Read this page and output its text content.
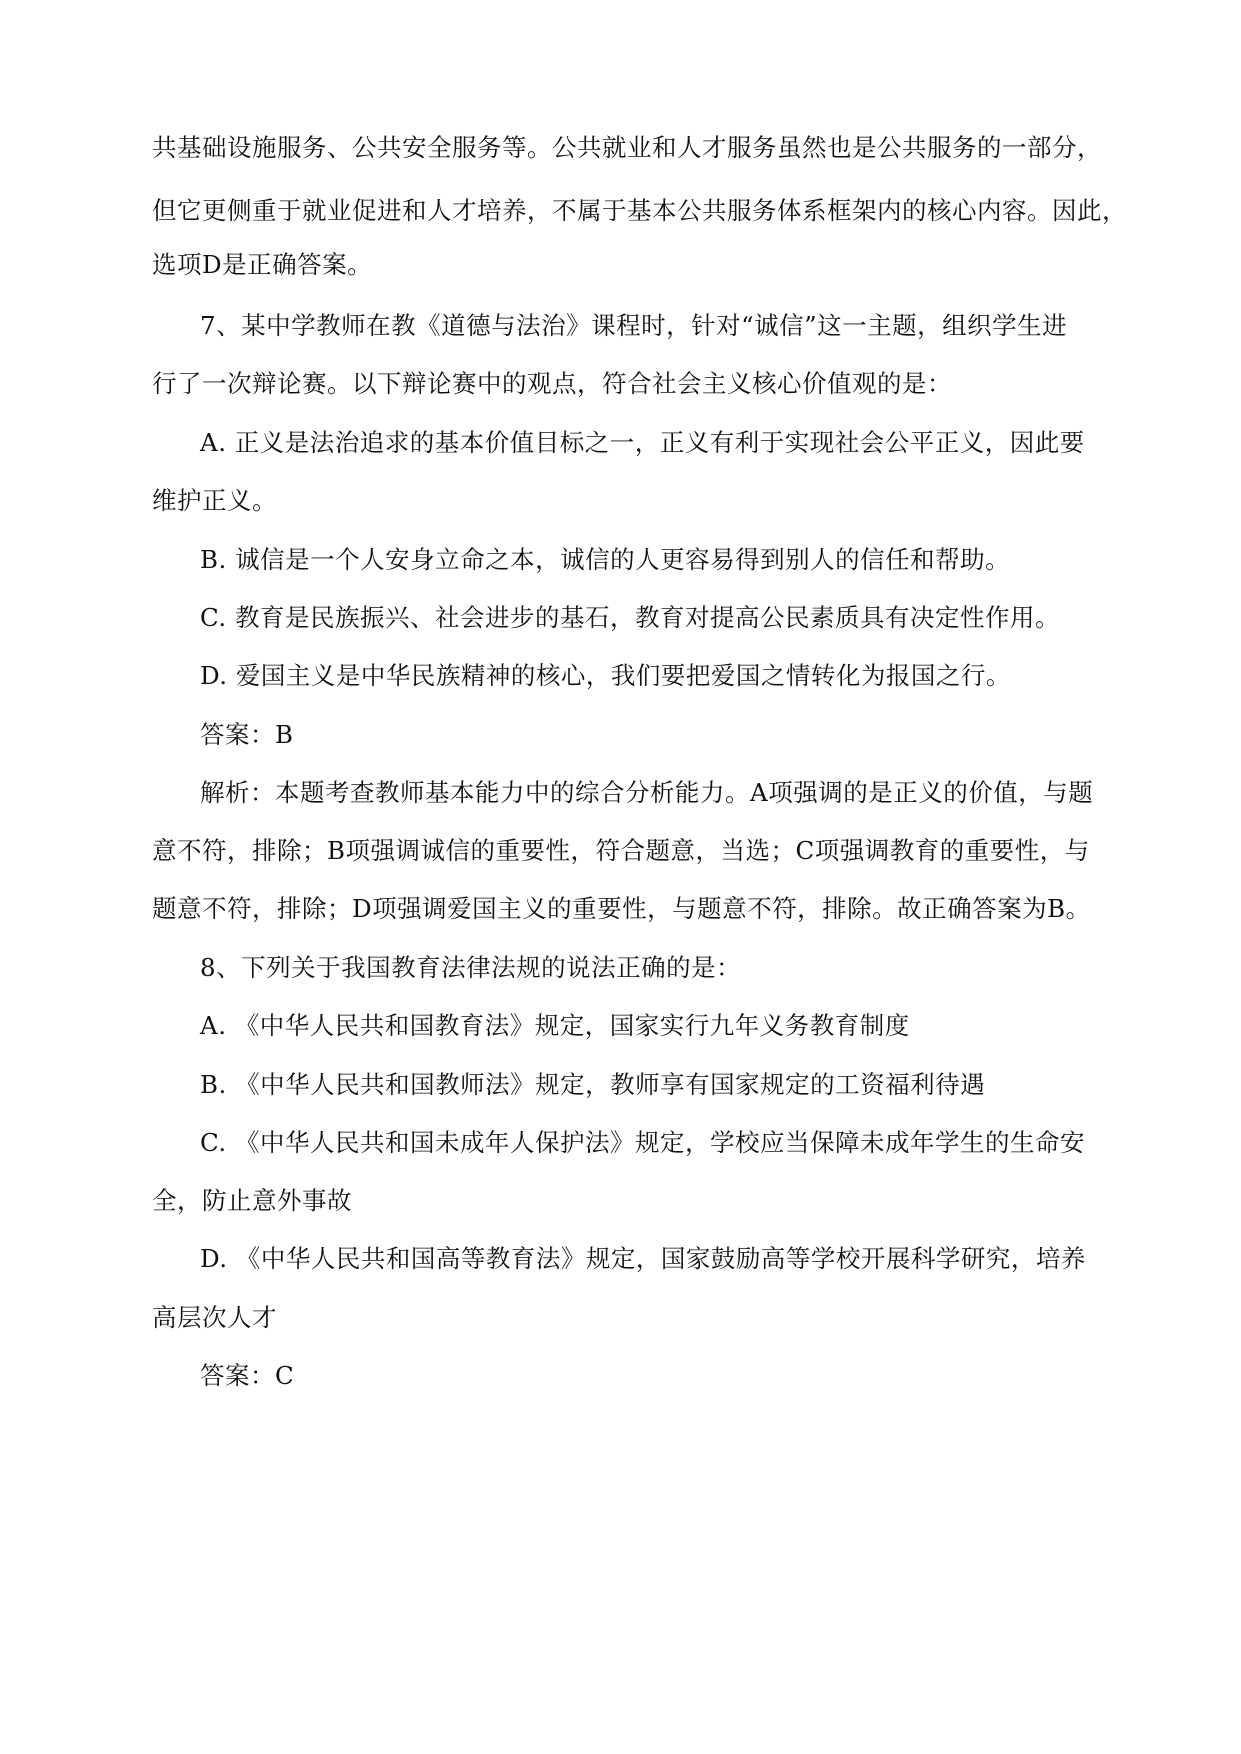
共基础设施服务、公共安全服务等。公共就业和人才服务虽然也是公共服务的一部分，
但它更侧重于就业促进和人才培养，不属于基本公共服务体系框架内的核心内容。因此，
选项D是正确答案。
7、某中学教师在教《道德与法治》课程时，针对“诚信”这一主题，组织学生进
行了一次辩论赛。以下辩论赛中的观点，符合社会主义核心价值观的是：
A. 正义是法治追求的基本价值目标之一，正义有利于实现社会公平正义，因此要
维护正义。
B. 诚信是一个人安身立命之本，诚信的人更容易得到别人的信任和帮助。
C. 教育是民族振兴、社会进步的基石，教育对提高公民素质具有决定性作用。
D. 爱国主义是中华民族精神的核心，我们要把爱国之情转化为报国之行。
答案：B
解析：本题考查教师基本能力中的综合分析能力。A项强调的是正义的价值，与题
意不符，排除；B项强调诚信的重要性，符合题意，当选；C项强调教育的重要性，与
题意不符，排除；D项强调爱国主义的重要性，与题意不符，排除。故正确答案为B。
8、下列关于我国教育法律法规的说法正确的是：
A. 《中华人民共和国教育法》规定，国家实行九年义务教育制度
B. 《中华人民共和国教师法》规定，教师享有国家规定的工资福利待遇
C. 《中华人民共和国未成年人保护法》规定，学校应当保障未成年学生的生命安
全，防止意外事故
D. 《中华人民共和国高等教育法》规定，国家鼓励高等学校开展科学研究，培养
高层次人才
答案：C
